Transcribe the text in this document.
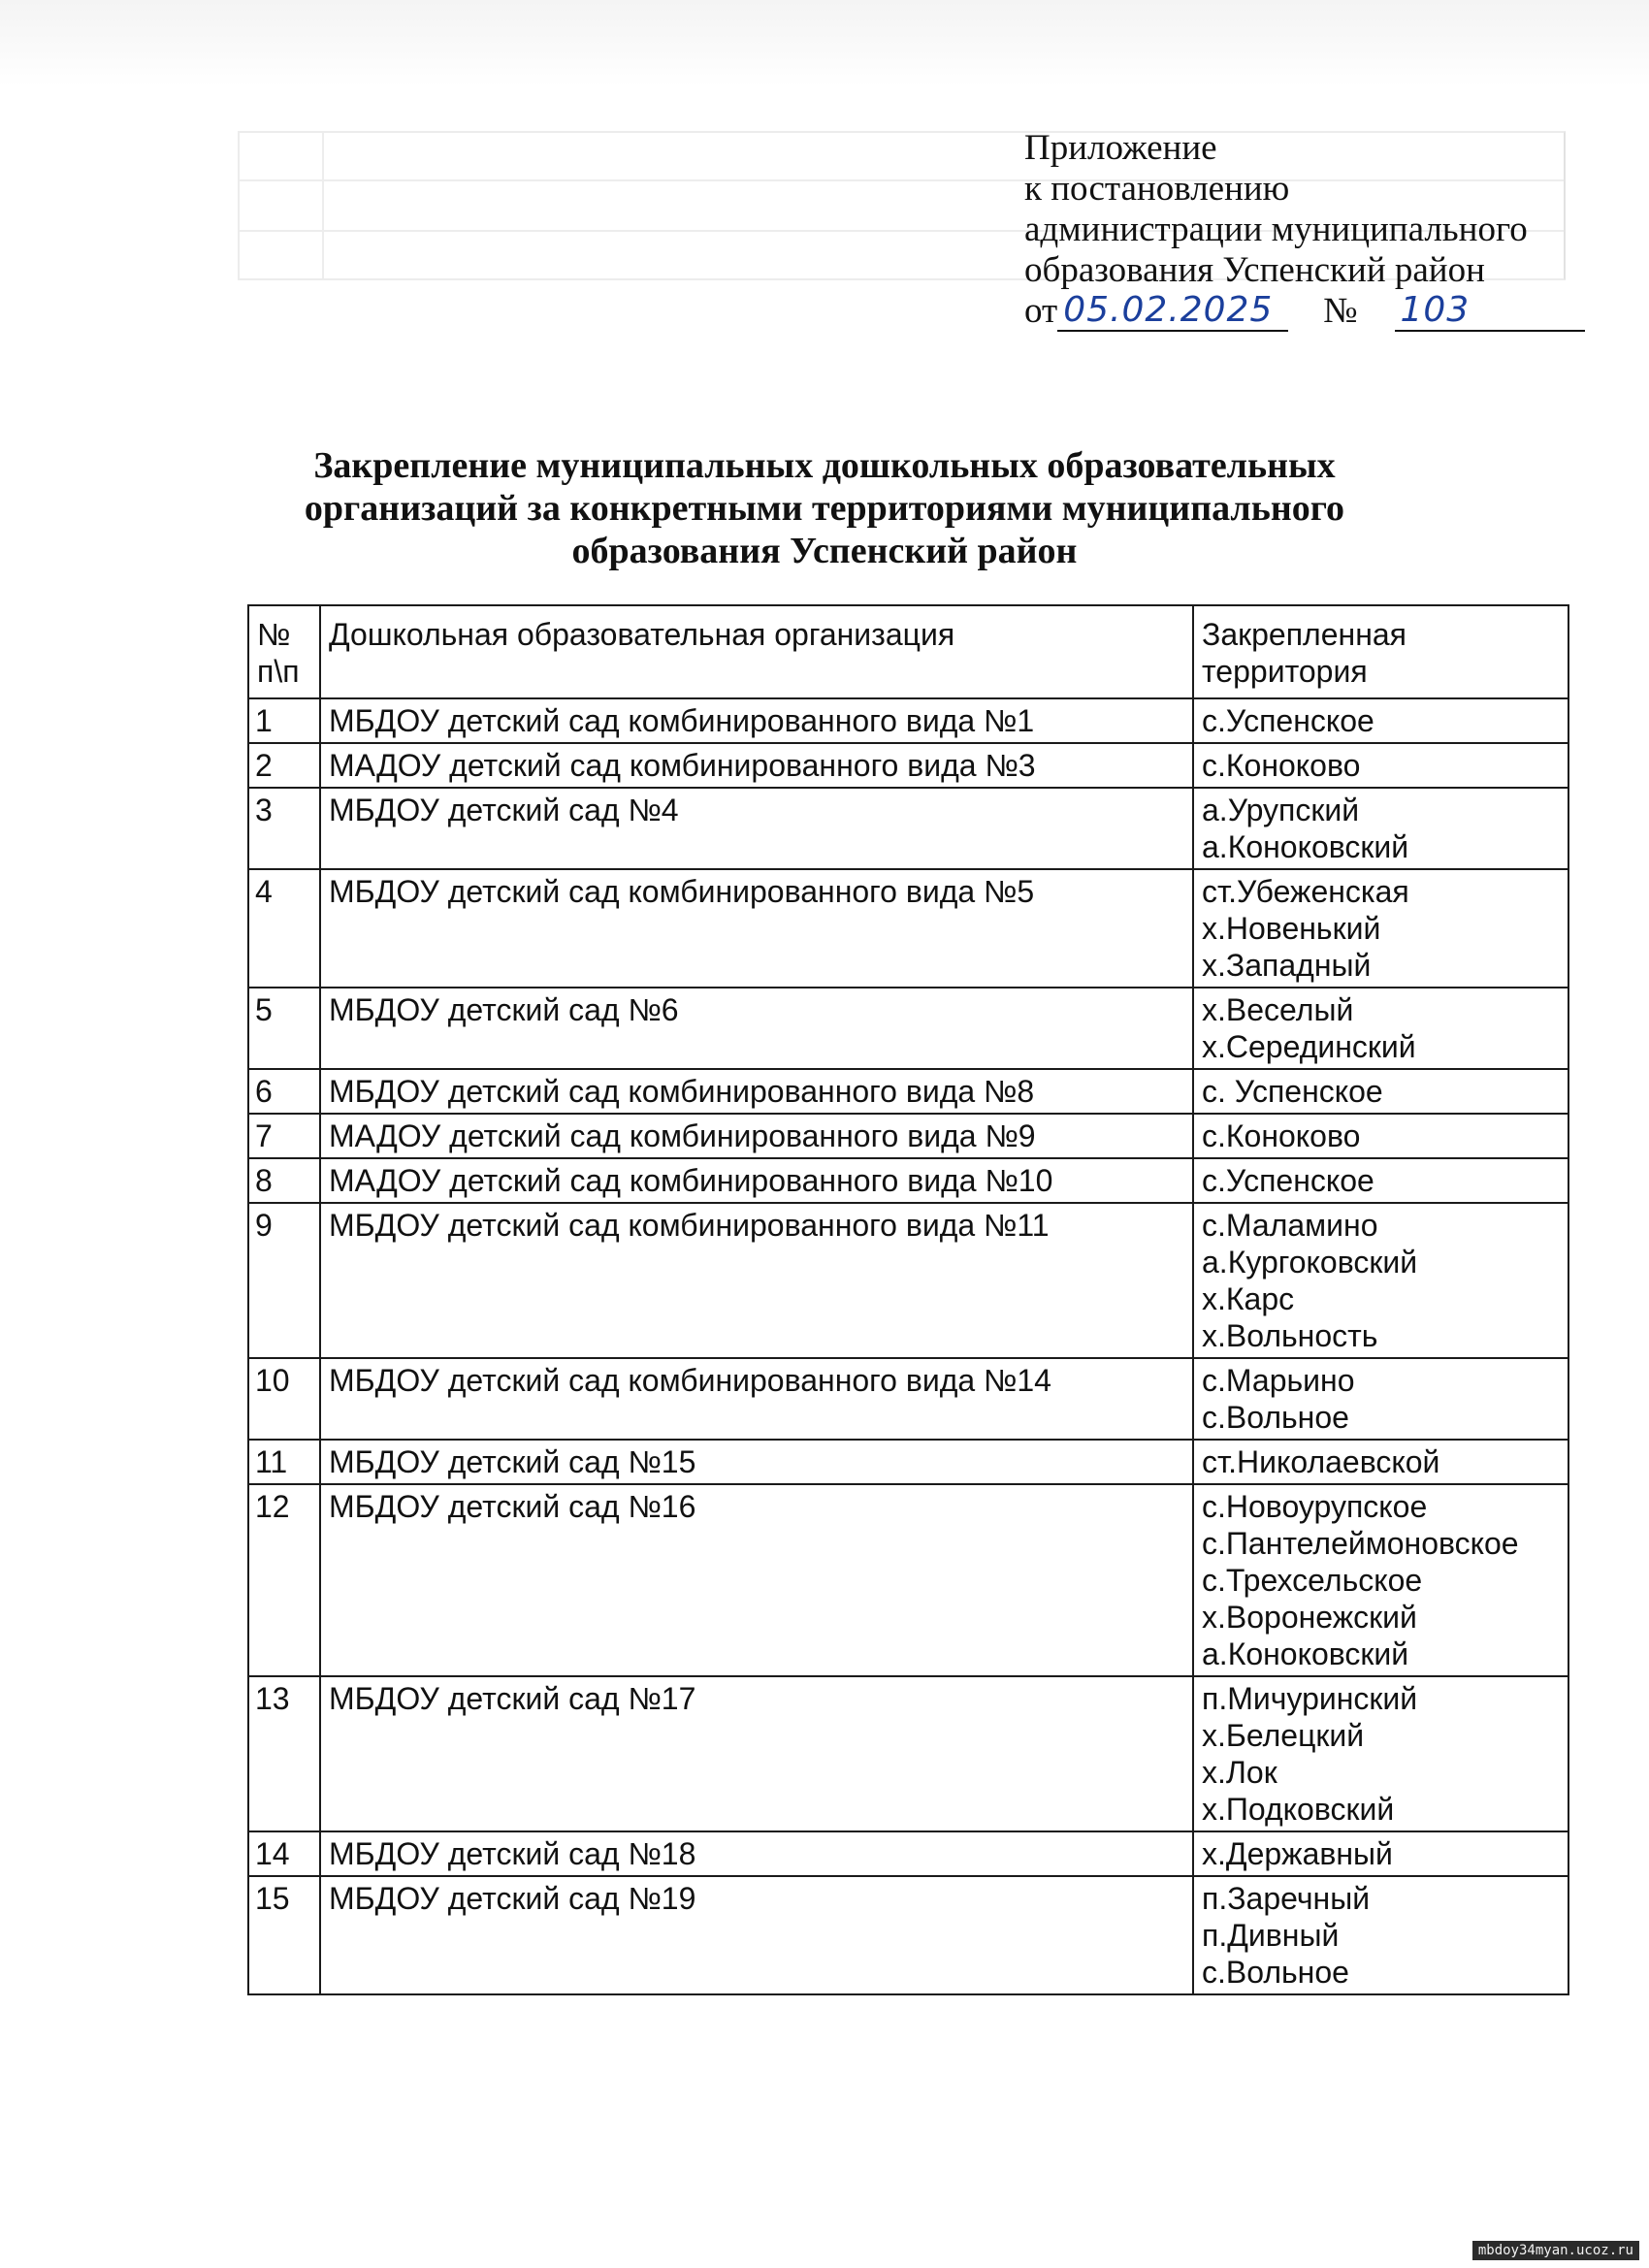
Приложение
к постановлению
администрации муниципального
образования Успенский район
от 05.02.2025	№ 103
Закрепление муниципальных дошкольных образовательных
организаций за конкретными территориями муниципального
образования Успенский район
№
п\п	Дошкольная образовательная организация	Закрепленная территория
1	МБДОУ детский сад комбинированного вида №1	с.Успенское

2	МАДОУ детский сад комбинированного вида №3	с.Коноково

3	МБДОУ детский сад №4	а.Урупский
а.Коноковский

4	МБДОУ детский сад комбинированного вида №5	ст.Убеженская
х.Новенький
х.Западный

5	МБДОУ детский сад №6	х.Веселый
х.Серединский

6	МБДОУ детский сад комбинированного вида №8	с. Успенское

7	МАДОУ детский сад комбинированного вида №9	с.Коноково

8	МАДОУ детский сад комбинированного вида №10	с.Успенское

9	МБДОУ детский сад комбинированного вида №11	с.Маламино
а.Кургоковский
х.Карс
х.Вольность

10	МБДОУ детский сад комбинированного вида №14	с.Марьино
с.Вольное

11	МБДОУ детский сад №15	ст.Николаевской

12	МБДОУ детский сад №16	с.Новоурупское
с.Пантелеймоновское
с.Трехсельское
х.Воронежский
а.Коноковский

13	МБДОУ детский сад №17	п.Мичуринский
х.Белецкий
х.Лок
х.Подковский

14	МБДОУ детский сад №18	х.Державный

15	МБДОУ детский сад №19	п.Заречный
п.Дивный
с.Вольное
mbdoy34myan.ucoz.ru
